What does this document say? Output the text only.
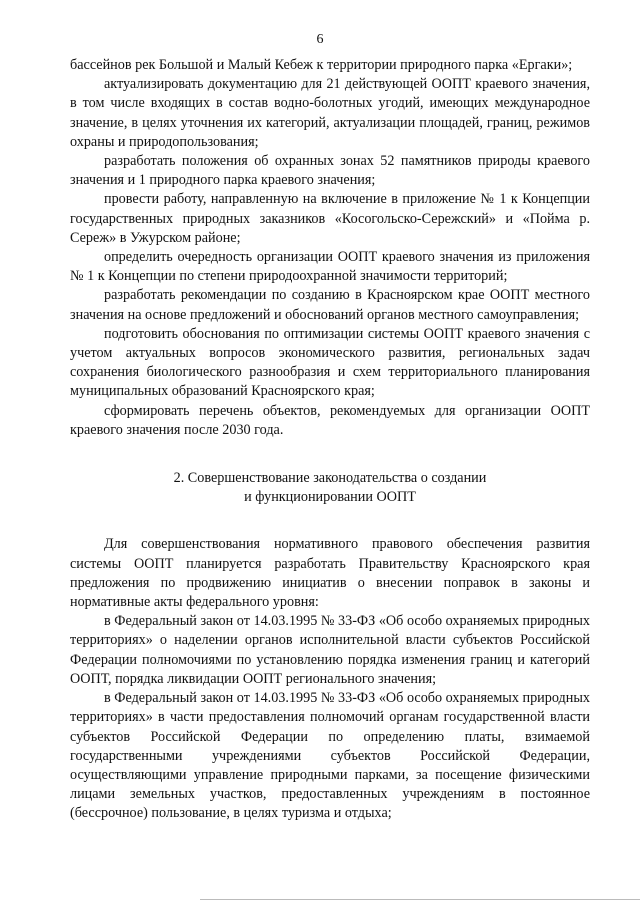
6

бассейнов рек Большой и Малый Кебеж к территории природного парка «Ергаки»;

актуализировать документацию для 21 действующей ООПТ краевого значения, в том числе входящих в состав водно-болотных угодий, имеющих международное значение, в целях уточнения их категорий, актуализации площадей, границ, режимов охраны и природопользования;

разработать положения об охранных зонах 52 памятников природы краевого значения и 1 природного парка краевого значения;

провести работу, направленную на включение в приложение № 1 к Концепции государственных природных заказников «Косогольско-Сережский» и «Пойма р. Сереж» в Ужурском районе;

определить очередность организации ООПТ краевого значения из приложения № 1 к Концепции по степени природоохранной значимости территорий;

разработать рекомендации по созданию в Красноярском крае ООПТ местного значения на основе предложений и обоснований органов местного самоуправления;

подготовить обоснования по оптимизации системы ООПТ краевого значения с учетом актуальных вопросов экономического развития, региональных задач сохранения биологического разнообразия и схем территориального планирования муниципальных образований Красноярского края;

сформировать перечень объектов, рекомендуемых для организации ООПТ краевого значения после 2030 года.

2. Совершенствование законодательства о создании
и функционировании ООПТ

Для совершенствования нормативного правового обеспечения развития системы ООПТ планируется разработать Правительству Красноярского края предложения по продвижению инициатив о внесении поправок в законы и нормативные акты федерального уровня:

в Федеральный закон от 14.03.1995 № 33-ФЗ «Об особо охраняемых природных территориях» о наделении органов исполнительной власти субъектов Российской Федерации полномочиями по установлению порядка изменения границ и категорий ООПТ, порядка ликвидации ООПТ регионального значения;

в Федеральный закон от 14.03.1995 № 33-ФЗ «Об особо охраняемых природных территориях» в части предоставления полномочий органам государственной власти субъектов Российской Федерации по определению платы, взимаемой государственными учреждениями субъектов Российской Федерации, осуществляющими управление природными парками, за посещение физическими лицами земельных участков, предоставленных учреждениям в постоянное (бессрочное) пользование, в целях туризма и отдыха;
